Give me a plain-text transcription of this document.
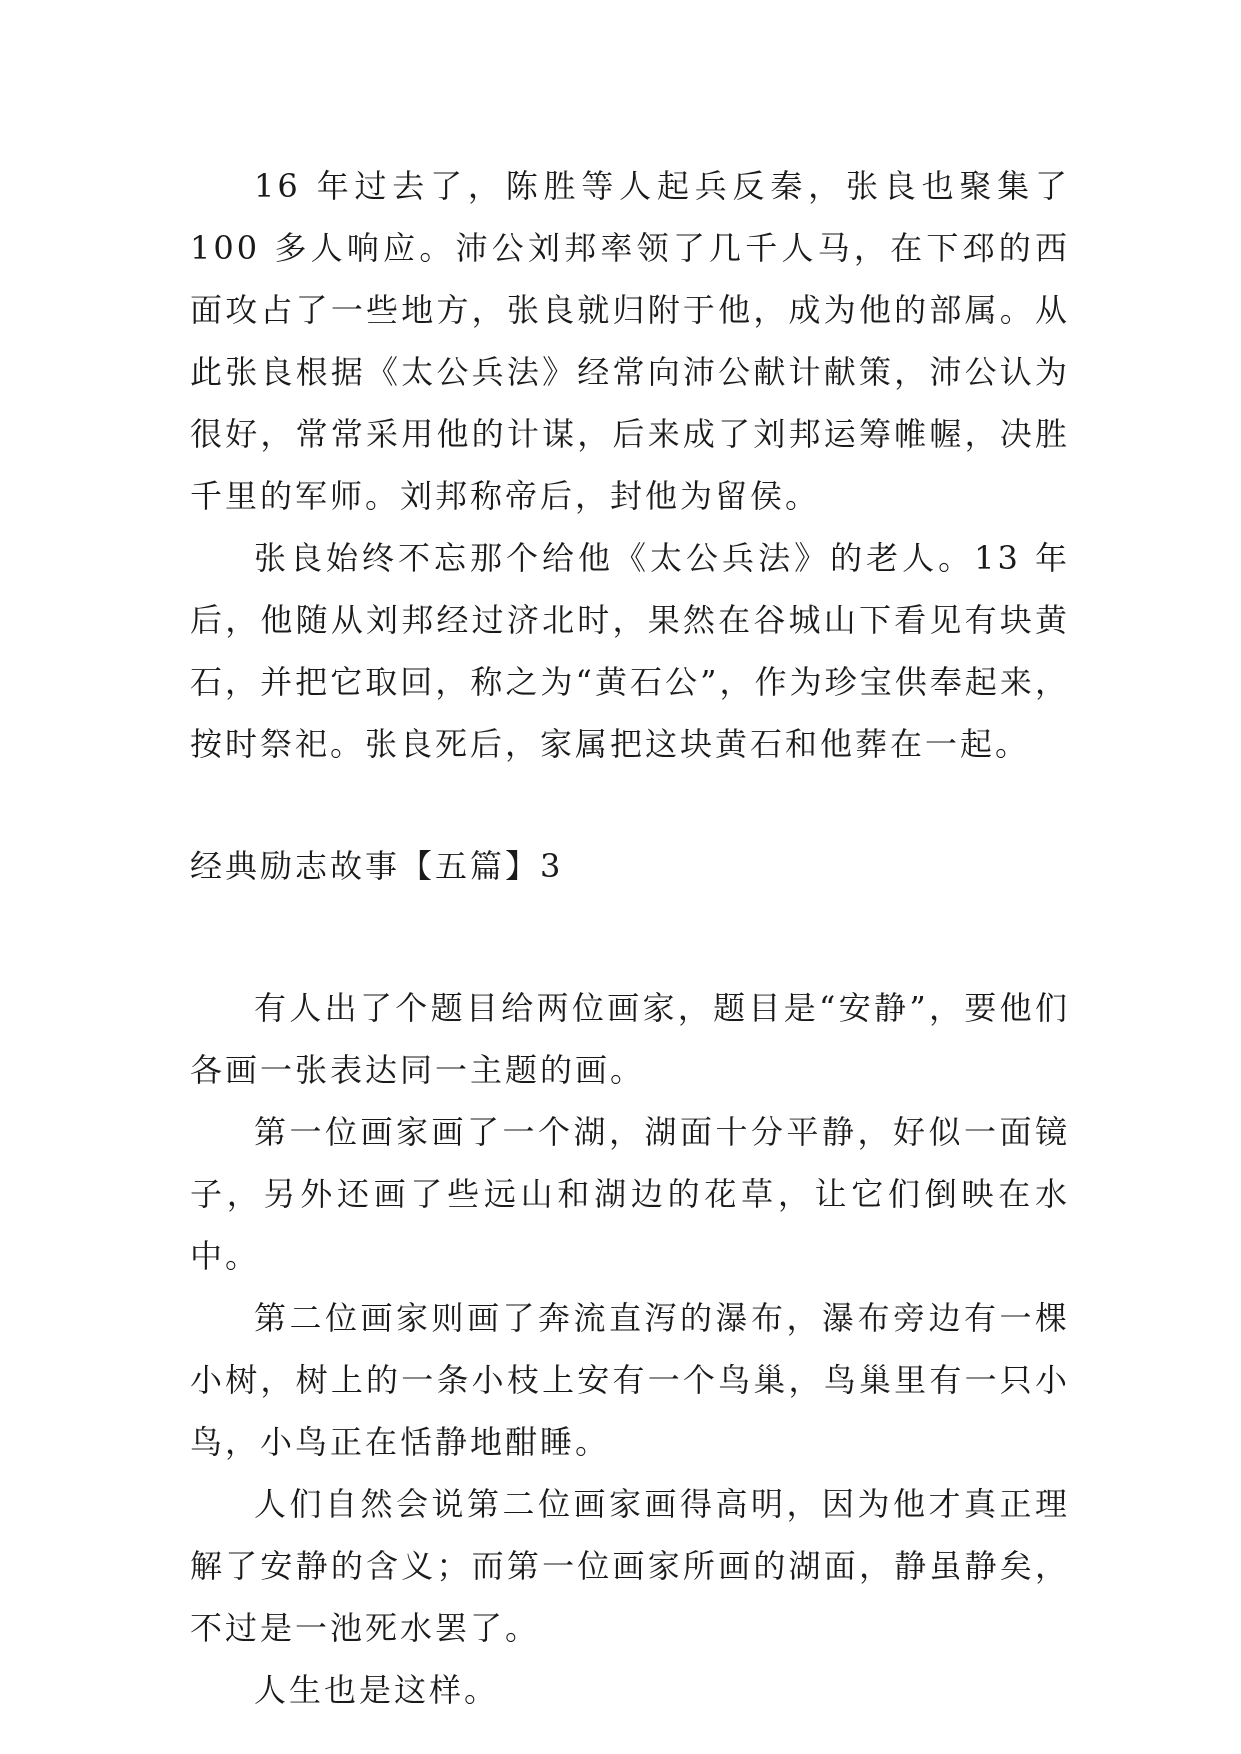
16 年过去了，陈胜等人起兵反秦，张良也聚集了 100 多人响应。沛公刘邦率领了几千人马，在下邳的西面攻占了一些地方，张良就归附于他，成为他的部属。从此张良根据《太公兵法》经常向沛公献计献策，沛公认为很好，常常采用他的计谋，后来成了刘邦运筹帷幄，决胜千里的军师。刘邦称帝后，封他为留侯。

张良始终不忘那个给他《太公兵法》的老人。13 年后，他随从刘邦经过济北时，果然在谷城山下看见有块黄石，并把它取回，称之为“黄石公”，作为珍宝供奉起来，按时祭祀。张良死后，家属把这块黄石和他葬在一起。

经典励志故事【五篇】3

有人出了个题目给两位画家，题目是“安静”，要他们各画一张表达同一主题的画。

第一位画家画了一个湖，湖面十分平静，好似一面镜子，另外还画了些远山和湖边的花草，让它们倒映在水中。

第二位画家则画了奔流直泻的瀑布，瀑布旁边有一棵小树，树上的一条小枝上安有一个鸟巢，鸟巢里有一只小鸟，小鸟正在恬静地酣睡。

人们自然会说第二位画家画得高明，因为他才真正理解了安静的含义；而第一位画家所画的湖面，静虽静矣，不过是一池死水罢了。

人生也是这样。
